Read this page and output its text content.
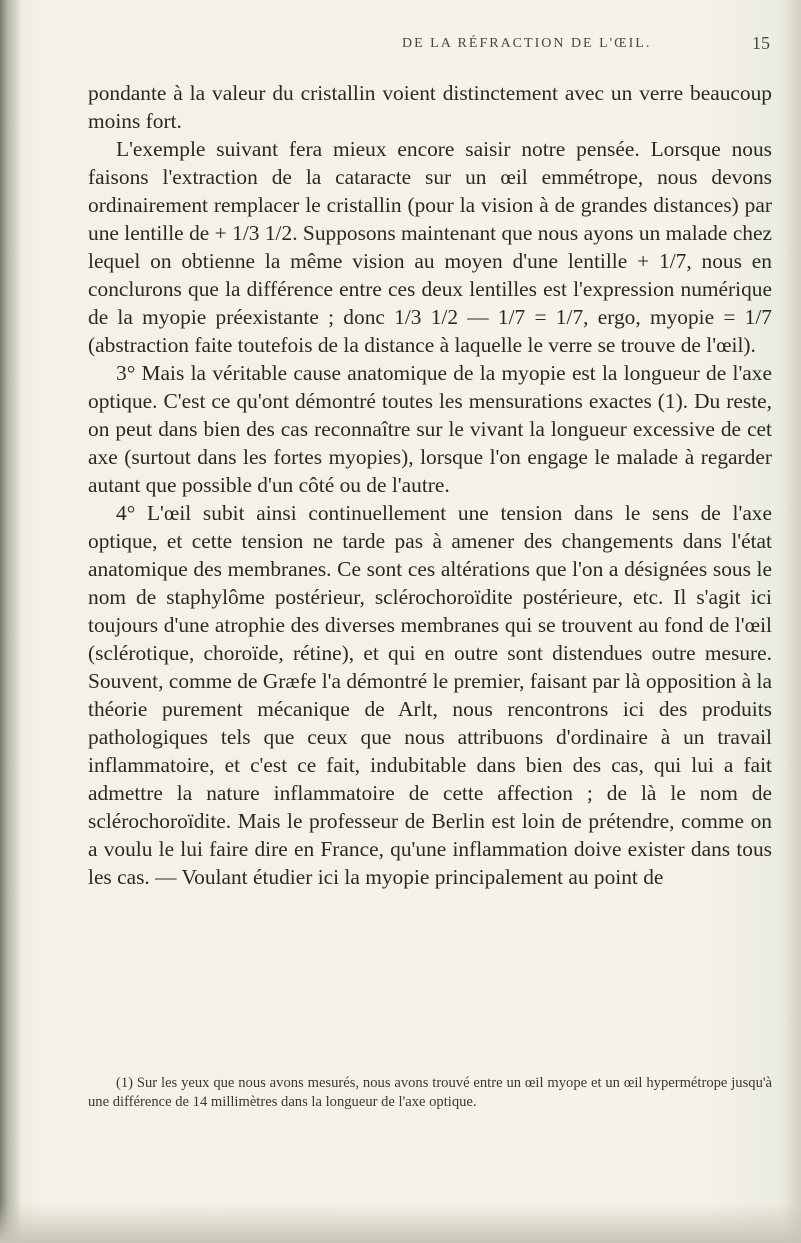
DE LA RÉFRACTION DE L'ŒIL.	15

pondante à la valeur du cristallin voient distinctement avec un verre beaucoup moins fort.

L'exemple suivant fera mieux encore saisir notre pensée. Lorsque nous faisons l'extraction de la cataracte sur un œil emmétrope, nous devons ordinairement remplacer le cristallin (pour la vision à de grandes distances) par une lentille de + 1/3 1/2. Supposons maintenant que nous ayons un malade chez lequel on obtienne la même vision au moyen d'une lentille + 1/7, nous en conclurons que la différence entre ces deux lentilles est l'expression numérique de la myopie préexistante ; donc 1/3 1/2 — 1/7 = 1/7, ergo, myopie = 1/7 (abstraction faite toutefois de la distance à laquelle le verre se trouve de l'œil).

3° Mais la véritable cause anatomique de la myopie est la longueur de l'axe optique. C'est ce qu'ont démontré toutes les mensurations exactes (1). Du reste, on peut dans bien des cas reconnaître sur le vivant la longueur excessive de cet axe (surtout dans les fortes myopies), lorsque l'on engage le malade à regarder autant que possible d'un côté ou de l'autre.

4° L'œil subit ainsi continuellement une tension dans le sens de l'axe optique, et cette tension ne tarde pas à amener des changements dans l'état anatomique des membranes. Ce sont ces altérations que l'on a désignées sous le nom de staphylôme postérieur, sclérochoroïdite postérieure, etc. Il s'agit ici toujours d'une atrophie des diverses membranes qui se trouvent au fond de l'œil (sclérotique, choroïde, rétine), et qui en outre sont distendues outre mesure. Souvent, comme de Græfe l'a démontré le premier, faisant par là opposition à la théorie purement mécanique de Arlt, nous rencontrons ici des produits pathologiques tels que ceux que nous attribuons d'ordinaire à un travail inflammatoire, et c'est ce fait, indubitable dans bien des cas, qui lui a fait admettre la nature inflammatoire de cette affection ; de là le nom de sclérochoroïdite. Mais le professeur de Berlin est loin de prétendre, comme on a voulu le lui faire dire en France, qu'une inflammation doive exister dans tous les cas. — Voulant étudier ici la myopie principalement au point de

(1) Sur les yeux que nous avons mesurés, nous avons trouvé entre un œil myope et un œil hypermétrope jusqu'à une différence de 14 millimètres dans la longueur de l'axe optique.
